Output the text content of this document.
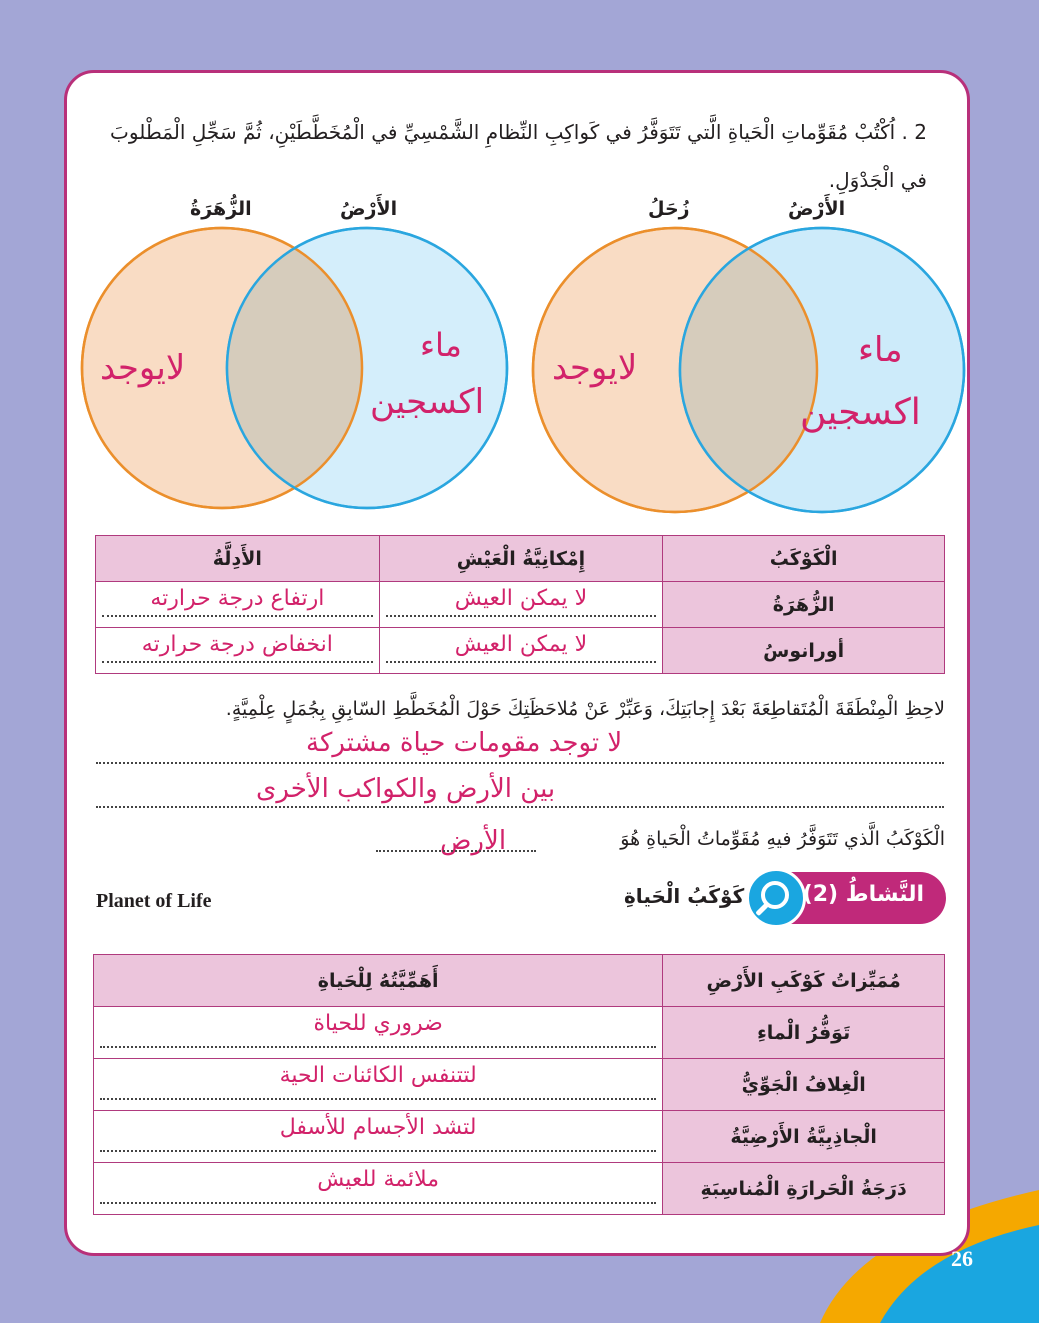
2 . اُكْتُبْ مُقَوِّماتِ الْحَياةِ الَّتي تَتَوَفَّرُ في كَواكِبِ النِّظامِ الشَّمْسِيِّ في الْمُخَطَّطَيْنِ، ثُمَّ سَجِّلِ الْمَطْلوبَ في الْجَدْوَلِ.
الزُّهَرَةُ	الأَرْضُ	زُحَلُ	الأَرْضُ
لايوجد
ماء
اكسجين
لايوجد	ماء
اكسجين
الأَدِلَّةُ	إِمْكانِيَّةُ الْعَيْشِ	الْكَوْكَبُ

ارتفاع درجة حرارته	لا يمكن العيش	الزُّهَرَةُ

انخفاض درجة حرارته	لا يمكن العيش	أورانوسُ
لاحِظِ الْمِنْطَقَةَ الْمُتَقاطِعَةَ بَعْدَ إِجابَتِكَ، وَعَبِّرْ عَنْ مُلاحَظَتِكَ حَوْلَ الْمُخَطَّطِ السّابِقِ بِجُمَلٍ عِلْمِيَّةٍ.
لا توجد مقومات حياة مشتركة
بين الأرض والكواكب الأخرى
الْكَوْكَبُ الَّذي تَتَوَفَّرُ فيهِ مُقَوِّماتُ الْحَياةِ هُوَ
الأرض
Planet of Life	كَوْكَبُ الْحَياةِ	النَّشاطُ (2)
أَهَمِّيَّتُهُ لِلْحَياةِ	مُمَيِّزاتُ كَوْكَبِ الأَرْضِ

ضروري للحياة	تَوَفُّرُ الْماءِ

لتتنفس الكائنات الحية	الْغِلافُ الْجَوِّيُّ

لتشد الأجسام للأسفل	الْجاذِبِيَّةُ الأَرْضِيَّةُ

ملائمة للعيش	دَرَجَةُ الْحَرارَةِ الْمُناسِبَةِ
26
